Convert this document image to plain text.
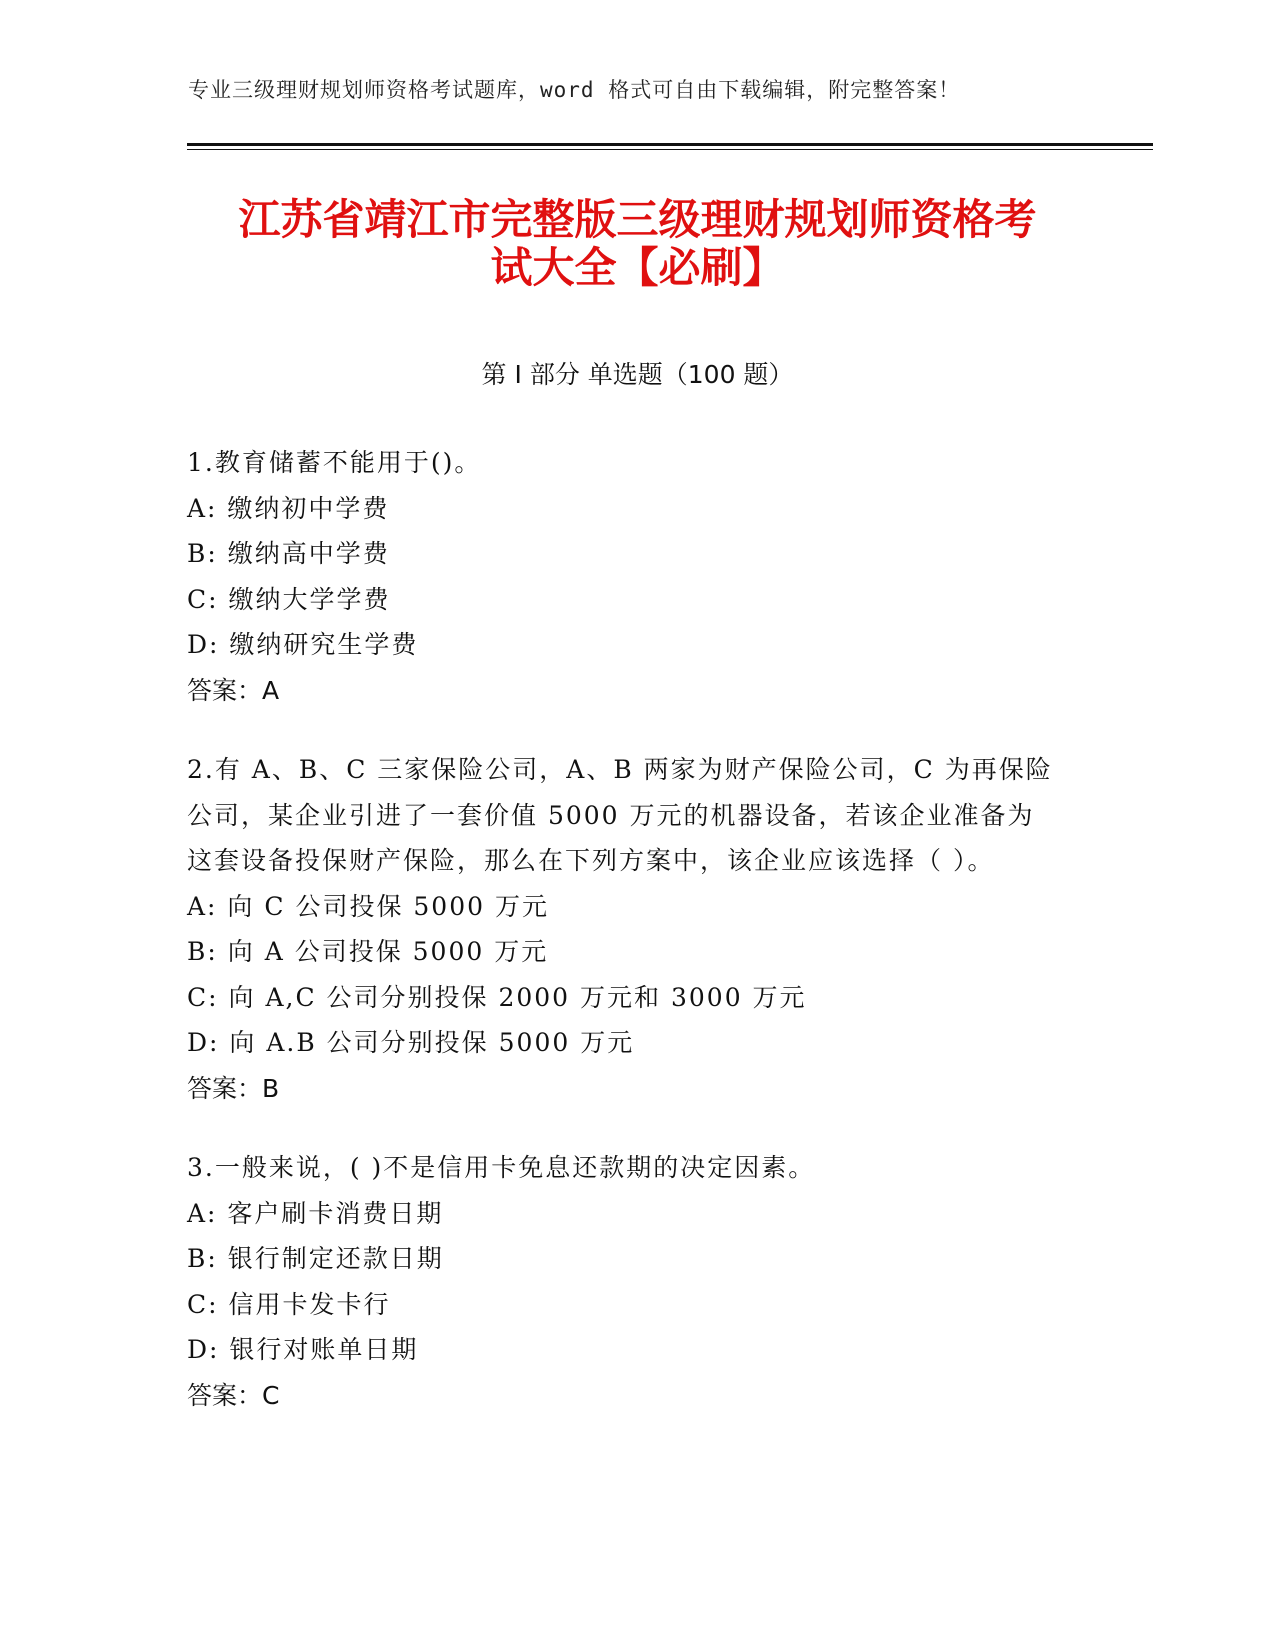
专业三级理财规划师资格考试题库，word 格式可自由下载编辑，附完整答案！
江苏省靖江市完整版三级理财规划师资格考
试大全【必刷】
第 I 部分 单选题（100 题）
1.教育储蓄不能用于()。
A: 缴纳初中学费
B: 缴纳高中学费
C: 缴纳大学学费
D: 缴纳研究生学费
答案：A
2.有 A、B、C 三家保险公司，A、B 两家为财产保险公司，C 为再保险
公司，某企业引进了一套价值 5000 万元的机器设备，若该企业准备为
这套设备投保财产保险，那么在下列方案中，该企业应该选择（ ）。
A: 向 C 公司投保 5000 万元
B: 向 A 公司投保 5000 万元
C: 向 A,C 公司分别投保 2000 万元和 3000 万元
D: 向 A.B 公司分别投保 5000 万元
答案：B
3.一般来说，( )不是信用卡免息还款期的决定因素。
A: 客户刷卡消费日期
B: 银行制定还款日期
C: 信用卡发卡行
D: 银行对账单日期
答案：C
